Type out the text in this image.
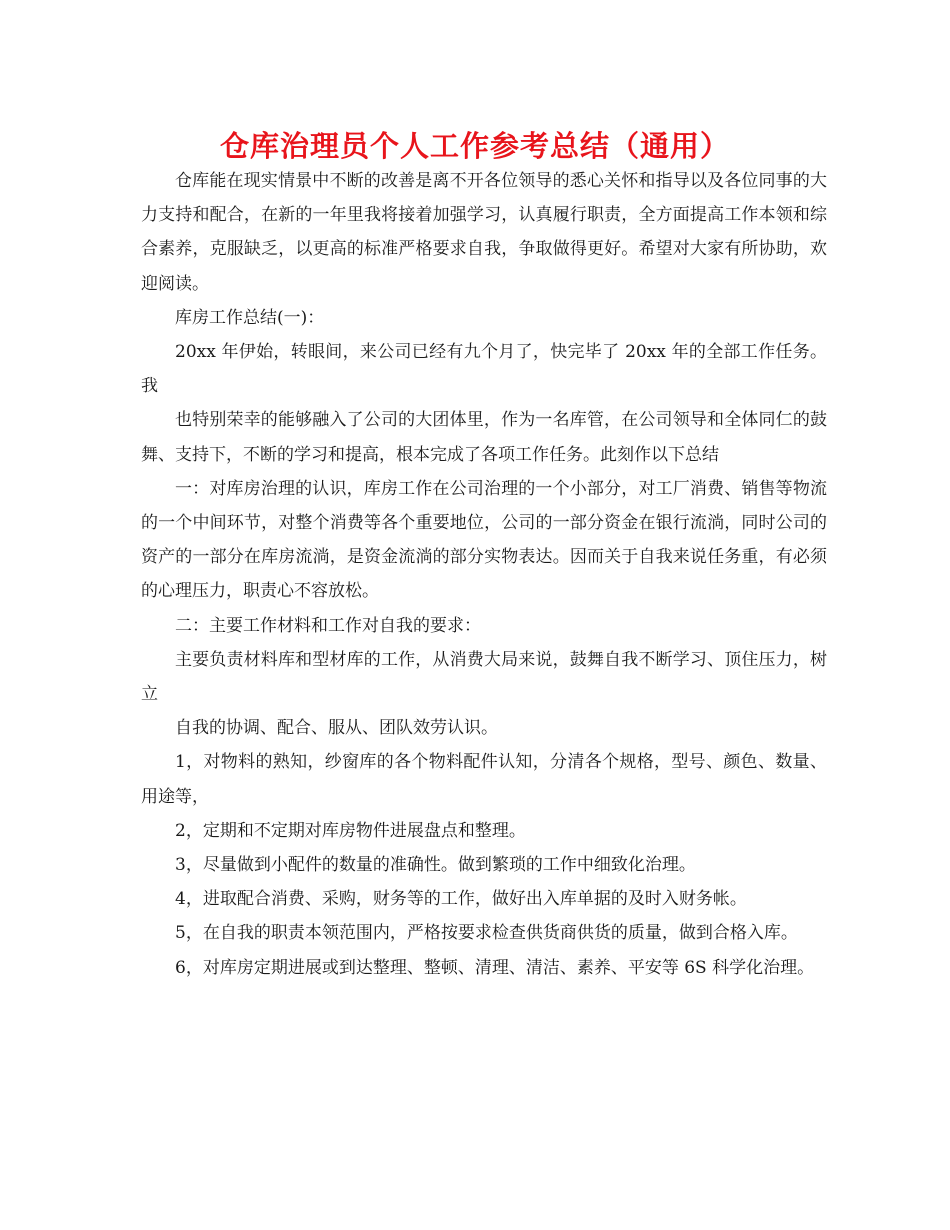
仓库治理员个人工作参考总结（通用）

仓库能在现实情景中不断的改善是离不开各位领导的悉心关怀和指导以及各位同事的大力支持和配合，在新的一年里我将接着加强学习，认真履行职责，全方面提高工作本领和综合素养，克服缺乏，以更高的标准严格要求自我，争取做得更好。希望对大家有所协助，欢迎阅读。

库房工作总结(一)：

20xx 年伊始，转眼间，来公司已经有九个月了，快完毕了 20xx 年的全部工作任务。我

也特别荣幸的能够融入了公司的大团体里，作为一名库管，在公司领导和全体同仁的鼓舞、支持下，不断的学习和提高，根本完成了各项工作任务。此刻作以下总结

一：对库房治理的认识，库房工作在公司治理的一个小部分，对工厂消费、销售等物流的一个中间环节，对整个消费等各个重要地位，公司的一部分资金在银行流淌，同时公司的资产的一部分在库房流淌，是资金流淌的部分实物表达。因而关于自我来说任务重，有必须的心理压力，职责心不容放松。

二：主要工作材料和工作对自我的要求：

主要负责材料库和型材库的工作，从消费大局来说，鼓舞自我不断学习、顶住压力，树立

自我的协调、配合、服从、团队效劳认识。

1，对物料的熟知，纱窗库的各个物料配件认知，分清各个规格，型号、颜色、数量、用途等，

2，定期和不定期对库房物件进展盘点和整理。

3，尽量做到小配件的数量的准确性。做到繁琐的工作中细致化治理。

4，进取配合消费、采购，财务等的工作，做好出入库单据的及时入财务帐。

5，在自我的职责本领范围内，严格按要求检查供货商供货的质量，做到合格入库。

6，对库房定期进展或到达整理、整顿、清理、清洁、素养、平安等 6S 科学化治理。
